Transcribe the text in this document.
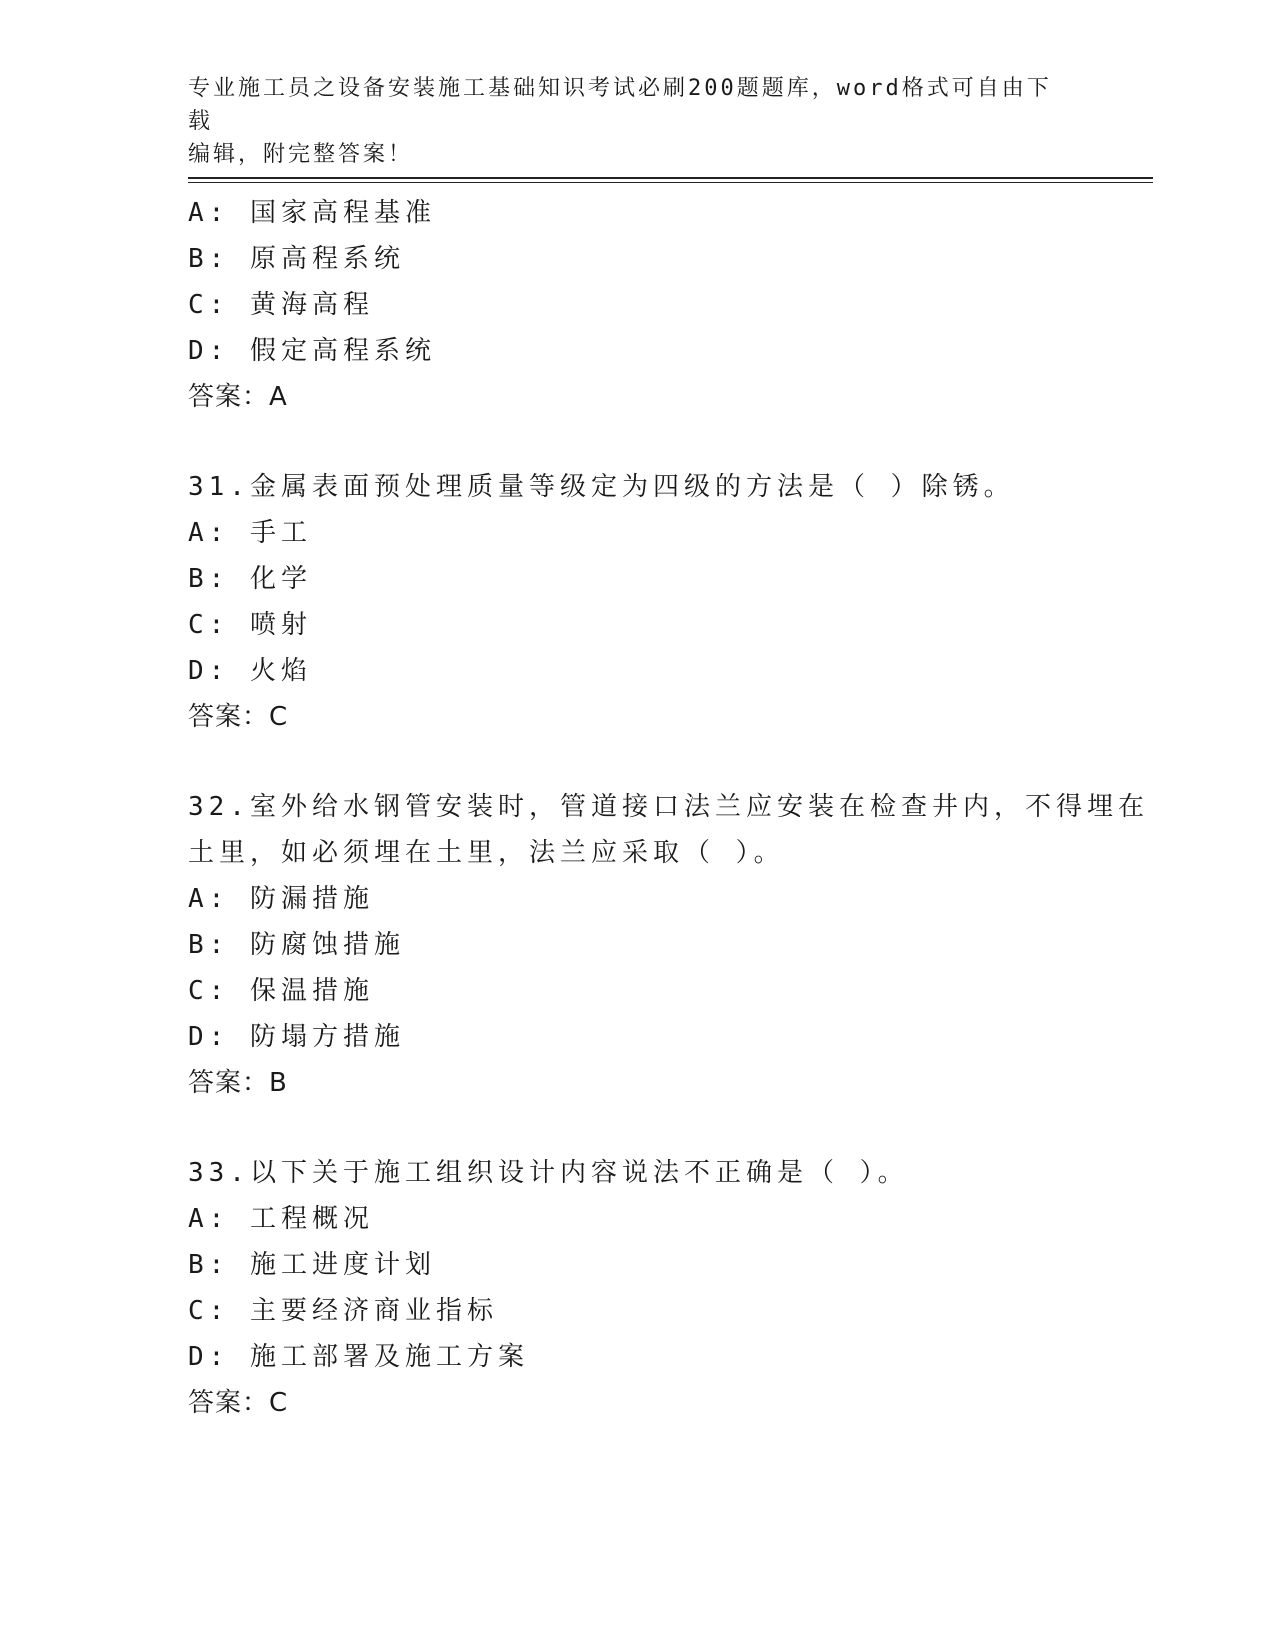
专业施工员之设备安装施工基础知识考试必刷200题题库，word格式可自由下载
编辑，附完整答案！
A: 国家高程基准
B: 原高程系统
C: 黄海高程
D: 假定高程系统
答案：A
31.金属表面预处理质量等级定为四级的方法是（ ）除锈。
A: 手工
B: 化学
C: 喷射
D: 火焰
答案：C
32.室外给水钢管安装时，管道接口法兰应安装在检查井内，不得埋在
土里，如必须埋在土里，法兰应采取（ ）。
A: 防漏措施
B: 防腐蚀措施
C: 保温措施
D: 防塌方措施
答案：B
33.以下关于施工组织设计内容说法不正确是（ ）。
A: 工程概况
B: 施工进度计划
C: 主要经济商业指标
D: 施工部署及施工方案
答案：C
